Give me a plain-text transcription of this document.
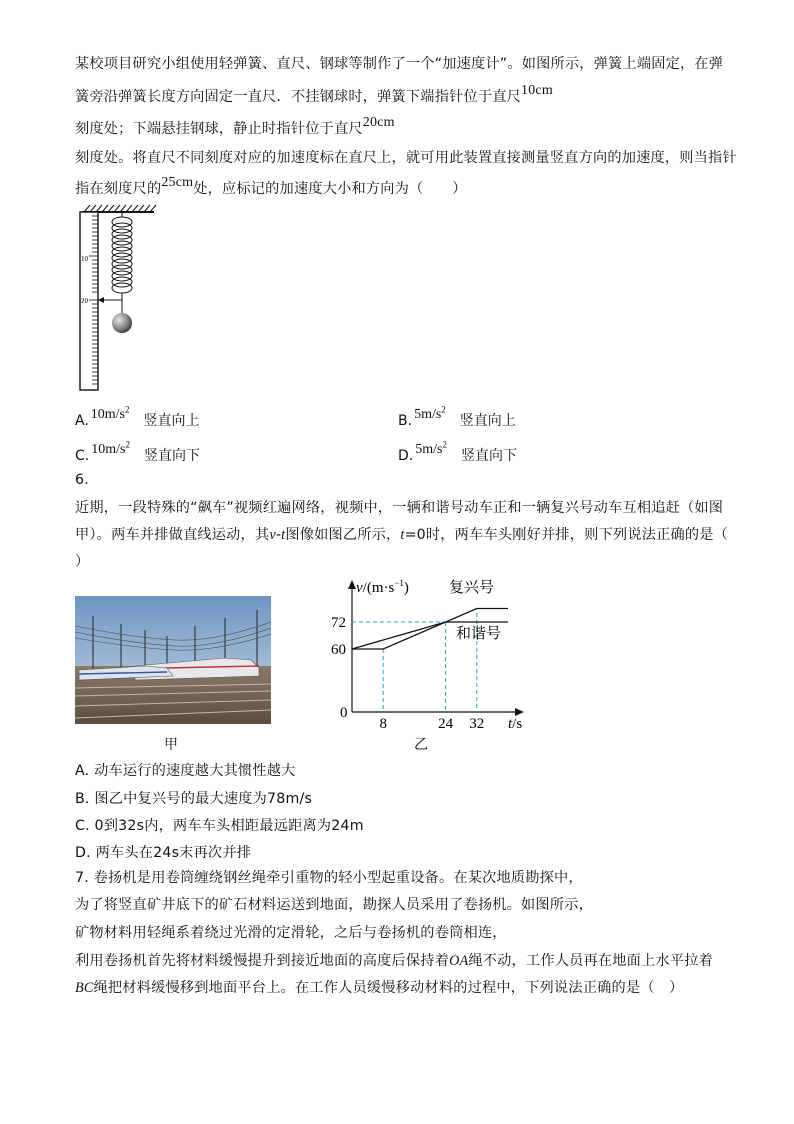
某校项目研究小组使用轻弹簧、直尺、钢球等制作了一个“加速度计”。如图所示，弹簧上端固定，在弹
簧旁沿弹簧长度方向固定一直尺．不挂钢球时，弹簧下端指针位于直尺10cm
刻度处；下端悬挂钢球，静止时指针位于直尺20cm
刻度处。将直尺不同刻度对应的加速度标在直尺上，就可用此装置直接测量竖直方向的加速度，则当指针
指在刻度尺的25cm处，应标记的加速度大小和方向为（　　）
10
20
A. $10m/s^2$竖直向上	B. $5m/s^2$竖直向上
C. $10m/s^2$竖直向下	D. $5m/s^2$竖直向下
6.
近期，一段特殊的“飙车”视频红遍网络，视频中，一辆和谐号动车正和一辆复兴号动车互相追赶（如图
甲）。两车并排做直线运动，其v-t图像如图乙所示，t=0时，两车车头刚好并排，则下列说法正确的是（
）
甲
$v/(m\cdot s^{-1})$
t/s
0
72
60
8	24 32
复兴号
和谐号
乙
A. 动车运行的速度越大其惯性越大
B. 图乙中复兴号的最大速度为78m/s
C. 0到32s内，两车车头相距最远距离为24m
D. 两车头在24s末再次并排
7. 卷扬机是用卷筒缠绕钢丝绳牵引重物的轻小型起重设备。在某次地质勘探中，
为了将竖直矿井底下的矿石材料运送到地面，勘探人员采用了卷扬机。如图所示，
矿物材料用轻绳系着绕过光滑的定滑轮，之后与卷扬机的卷筒相连，
利用卷扬机首先将材料缓慢提升到接近地面的高度后保持着OA绳不动，工作人员再在地面上水平拉着
BC绳把材料缓慢移到地面平台上。在工作人员缓慢移动材料的过程中，下列说法正确的是（　）
